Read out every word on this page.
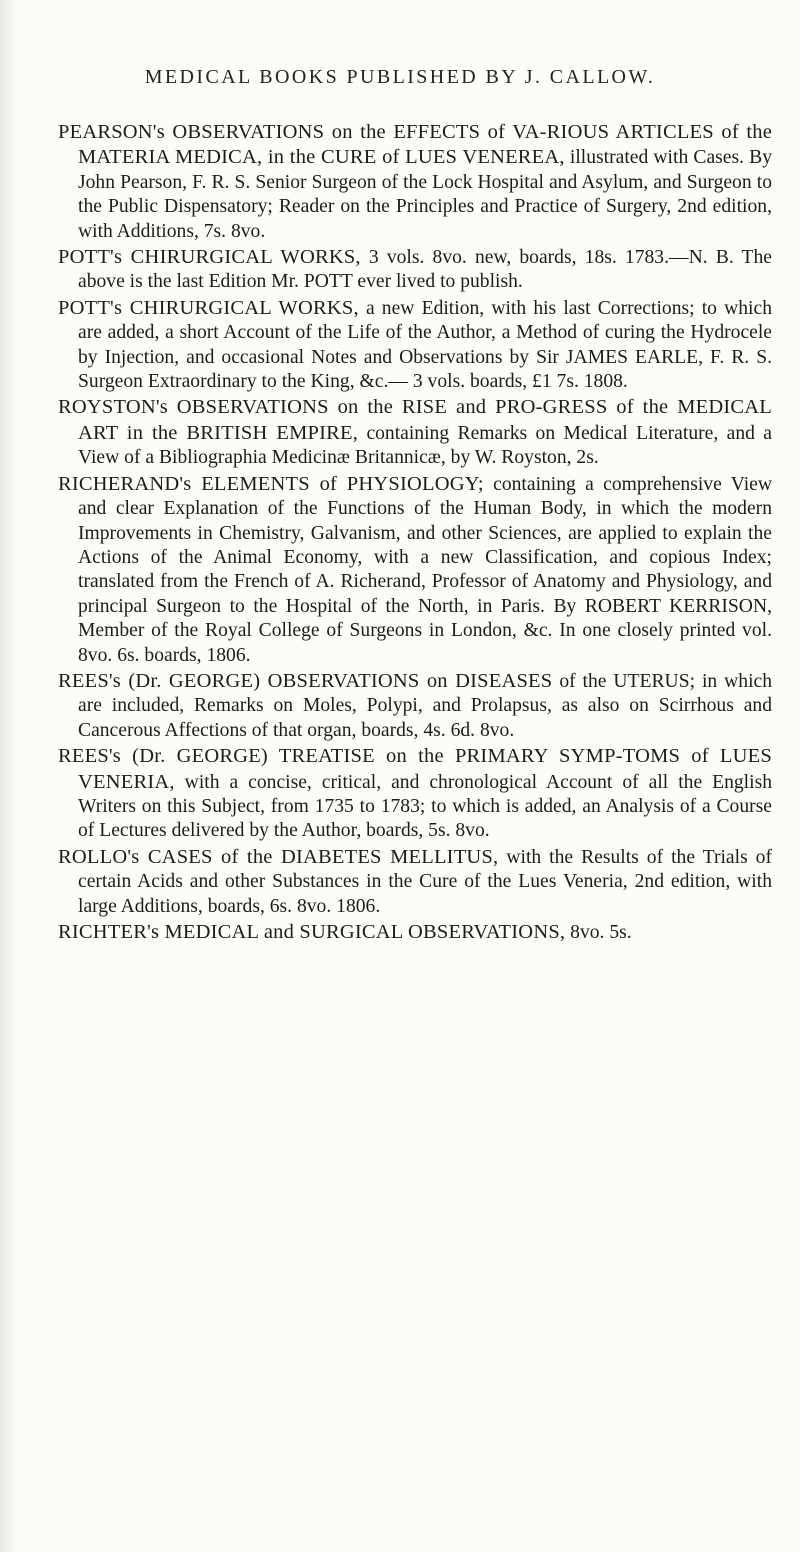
MEDICAL BOOKS PUBLISHED BY J. CALLOW.

PEARSON's OBSERVATIONS on the EFFECTS of VA-RIOUS ARTICLES of the MATERIA MEDICA, in the CURE of LUES VENEREA, illustrated with Cases. By John Pearson, F. R. S. Senior Surgeon of the Lock Hospital and Asylum, and Surgeon to the Public Dispensatory; Reader on the Principles and Practice of Surgery, 2nd edition, with Additions, 7s. 8vo.

POTT's CHIRURGICAL WORKS, 3 vols. 8vo. new, boards, 18s. 1783.—N. B. The above is the last Edition Mr. POTT ever lived to publish.

POTT's CHIRURGICAL WORKS, a new Edition, with his last Corrections; to which are added, a short Account of the Life of the Author, a Method of curing the Hydrocele by Injection, and occasional Notes and Observations by Sir JAMES EARLE, F. R. S. Surgeon Extraordinary to the King, &c.— 3 vols. boards, £1 7s. 1808.

ROYSTON's OBSERVATIONS on the RISE and PRO-GRESS of the MEDICAL ART in the BRITISH EMPIRE, containing Remarks on Medical Literature, and a View of a Bibliographia Medicinæ Britannicæ, by W. Royston, 2s.

RICHERAND's ELEMENTS of PHYSIOLOGY; containing a comprehensive View and clear Explanation of the Functions of the Human Body, in which the modern Improvements in Chemistry, Galvanism, and other Sciences, are applied to explain the Actions of the Animal Economy, with a new Classification, and copious Index; translated from the French of A. Richerand, Professor of Anatomy and Physiology, and principal Surgeon to the Hospital of the North, in Paris. By ROBERT KERRISON, Member of the Royal College of Surgeons in London, &c. In one closely printed vol. 8vo. 6s. boards, 1806.

REES's (Dr. GEORGE) OBSERVATIONS on DISEASES of the UTERUS; in which are included, Remarks on Moles, Polypi, and Prolapsus, as also on Scirrhous and Cancerous Affections of that organ, boards, 4s. 6d. 8vo.

REES's (Dr. GEORGE) TREATISE on the PRIMARY SYMP-TOMS of LUES VENERIA, with a concise, critical, and chronological Account of all the English Writers on this Subject, from 1735 to 1783; to which is added, an Analysis of a Course of Lectures delivered by the Author, boards, 5s. 8vo.

ROLLO's CASES of the DIABETES MELLITUS, with the Results of the Trials of certain Acids and other Substances in the Cure of the Lues Veneria, 2nd edition, with large Additions, boards, 6s. 8vo. 1806.

RICHTER's MEDICAL and SURGICAL OBSERVATIONS, 8vo. 5s.
